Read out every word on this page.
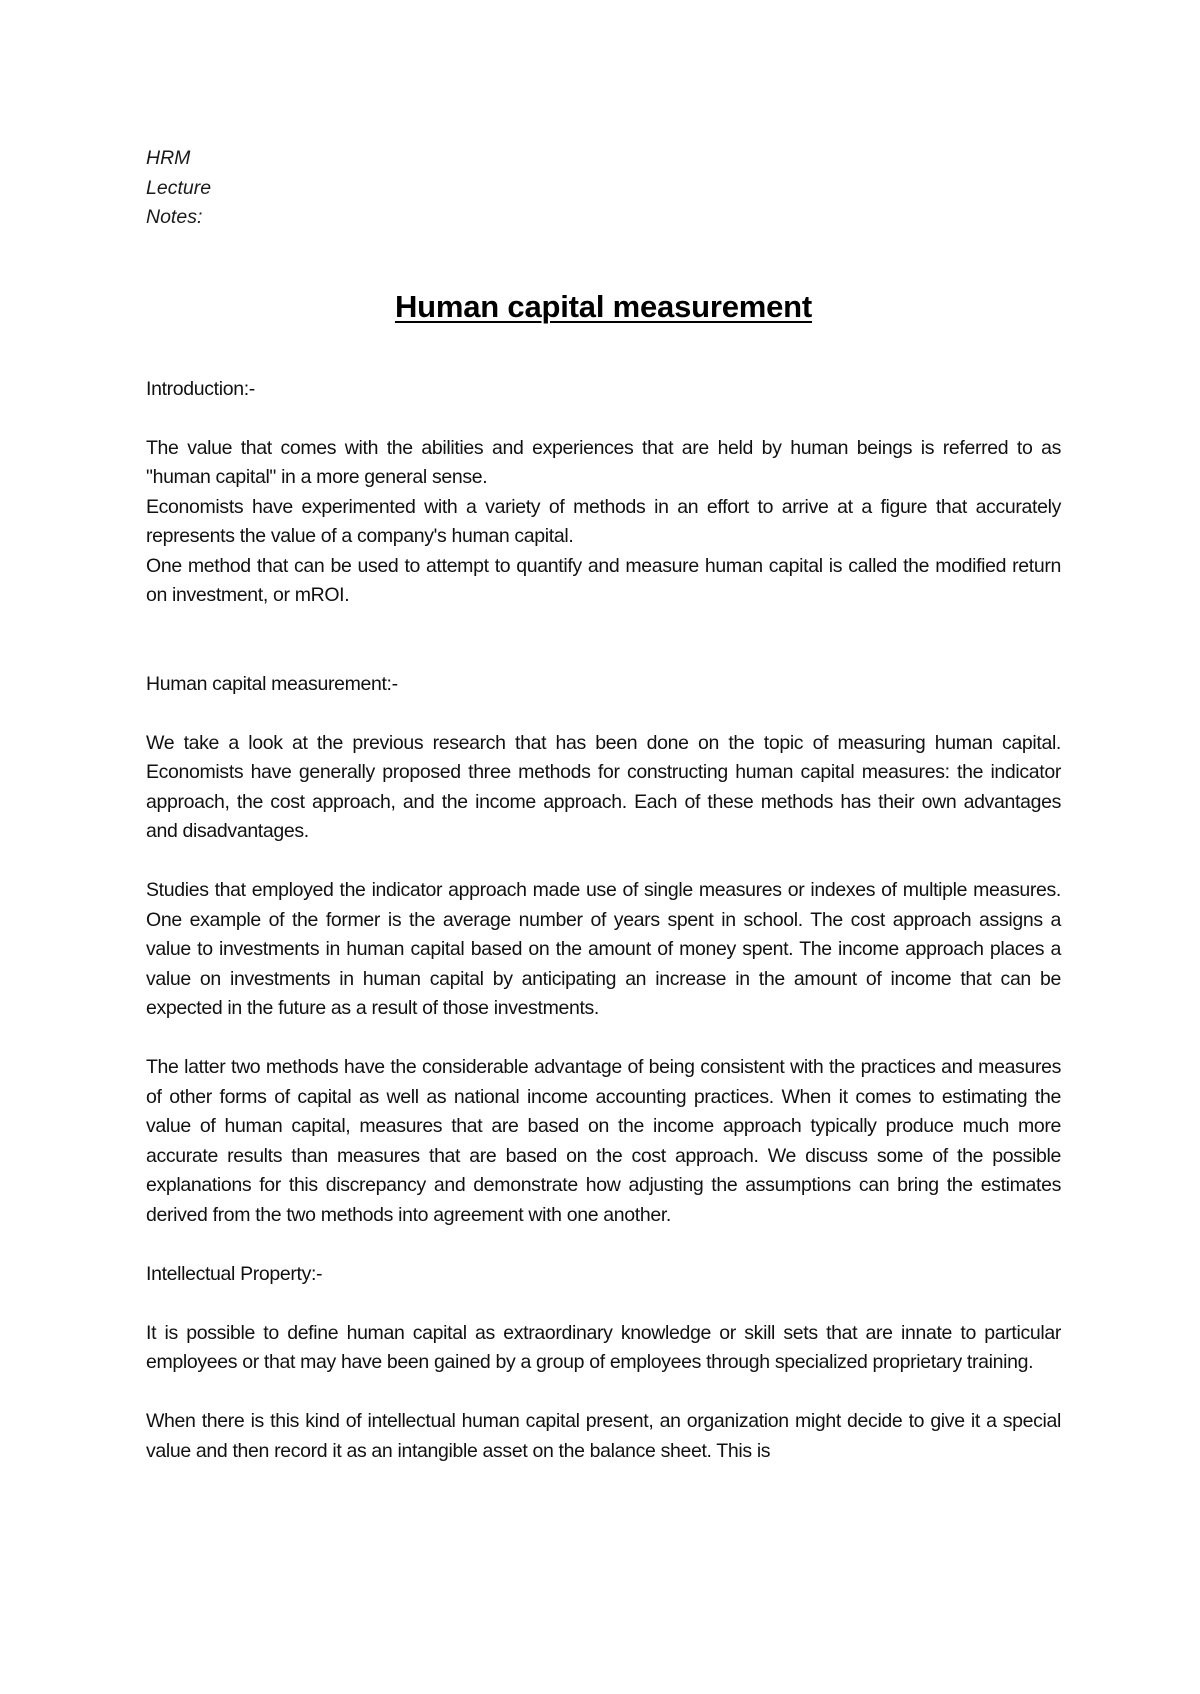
HRM
Lecture
Notes:
Human capital measurement

Introduction:-

The value that comes with the abilities and experiences that are held by human beings is referred to as "human capital" in a more general sense.

Economists have experimented with a variety of methods in an effort to arrive at a figure that accurately represents the value of a company's human capital.

One method that can be used to attempt to quantify and measure human capital is called the modified return on investment, or mROI.

Human capital measurement:-

We take a look at the previous research that has been done on the topic of measuring human capital. Economists have generally proposed three methods for constructing human capital measures: the indicator approach, the cost approach, and the income approach. Each of these methods has their own advantages and disadvantages.

Studies that employed the indicator approach made use of single measures or indexes of multiple measures. One example of the former is the average number of years spent in school. The cost approach assigns a value to investments in human capital based on the amount of money spent. The income approach places a value on investments in human capital by anticipating an increase in the amount of income that can be expected in the future as a result of those investments.

The latter two methods have the considerable advantage of being consistent with the practices and measures of other forms of capital as well as national income accounting practices. When it comes to estimating the value of human capital, measures that are based on the income approach typically produce much more accurate results than measures that are based on the cost approach. We discuss some of the possible explanations for this discrepancy and demonstrate how adjusting the assumptions can bring the estimates derived from the two methods into agreement with one another.

Intellectual Property:-

It is possible to define human capital as extraordinary knowledge or skill sets that are innate to particular employees or that may have been gained by a group of employees through specialized proprietary training.

When there is this kind of intellectual human capital present, an organization might decide to give it a special value and then record it as an intangible asset on the balance sheet. This is
